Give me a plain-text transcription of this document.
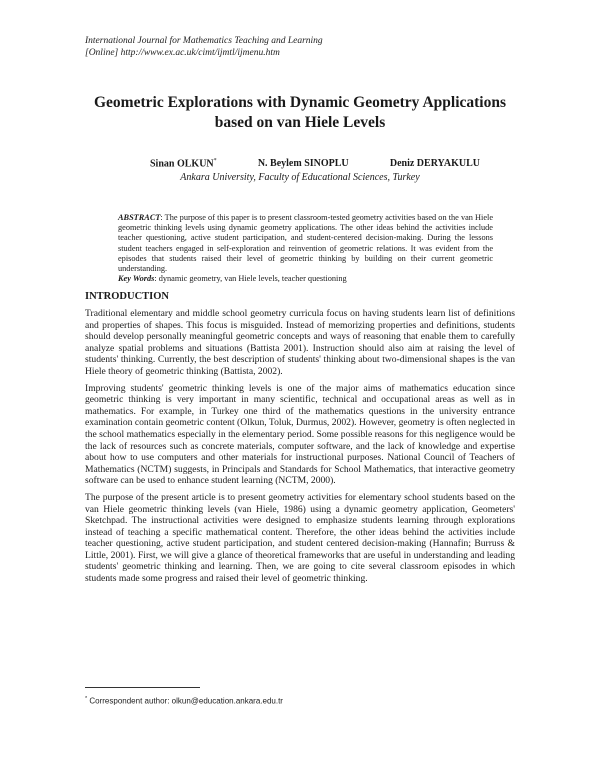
International Journal for Mathematics Teaching and Learning
[Online] http://www.ex.ac.uk/cimt/ijmtl/ijmenu.htm
Geometric Explorations with Dynamic Geometry Applications
based on van Hiele Levels
Sinan OLKUN*	N. Beylem SINOPLU	Deniz DERYAKULU
Ankara University, Faculty of Educational Sciences, Turkey

ABSTRACT: The purpose of this paper is to present classroom-tested geometry activities based on the van Hiele geometric thinking levels using dynamic geometry applications. The other ideas behind the activities include teacher questioning, active student participation, and student-centered decision-making. During the lessons student teachers engaged in self-exploration and reinvention of geometric relations. It was evident from the episodes that students raised their level of geometric thinking by building on their current geometric understanding.

Key Words: dynamic geometry, van Hiele levels, teacher questioning

INTRODUCTION

Traditional elementary and middle school geometry curricula focus on having students learn list of definitions and properties of shapes. This focus is misguided. Instead of memorizing properties and definitions, students should develop personally meaningful geometric concepts and ways of reasoning that enable them to carefully analyze spatial problems and situations (Battista 2001). Instruction should also aim at raising the level of students' thinking. Currently, the best description of students' thinking about two-dimensional shapes is the van Hiele theory of geometric thinking (Battista, 2002).

Improving students' geometric thinking levels is one of the major aims of mathematics education since geometric thinking is very important in many scientific, technical and occupational areas as well as in mathematics. For example, in Turkey one third of the mathematics questions in the university entrance examination contain geometric content (Olkun, Toluk, Durmus, 2002). However, geometry is often neglected in the school mathematics especially in the elementary period. Some possible reasons for this negligence would be the lack of resources such as concrete materials, computer software, and the lack of knowledge and expertise about how to use computers and other materials for instructional purposes. National Council of Teachers of Mathematics (NCTM) suggests, in Principals and Standards for School Mathematics, that interactive geometry software can be used to enhance student learning (NCTM, 2000).

The purpose of the present article is to present geometry activities for elementary school students based on the van Hiele geometric thinking levels (van Hiele, 1986) using a dynamic geometry application, Geometers' Sketchpad. The instructional activities were designed to emphasize students learning through explorations instead of teaching a specific mathematical content. Therefore, the other ideas behind the activities include teacher questioning, active student participation, and student centered decision-making (Hannafin; Burruss & Little, 2001). First, we will give a glance of theoretical frameworks that are useful in understanding and leading students' geometric thinking and learning. Then, we are going to cite several classroom episodes in which students made some progress and raised their level of geometric thinking.

* Correspondent author: olkun@education.ankara.edu.tr
